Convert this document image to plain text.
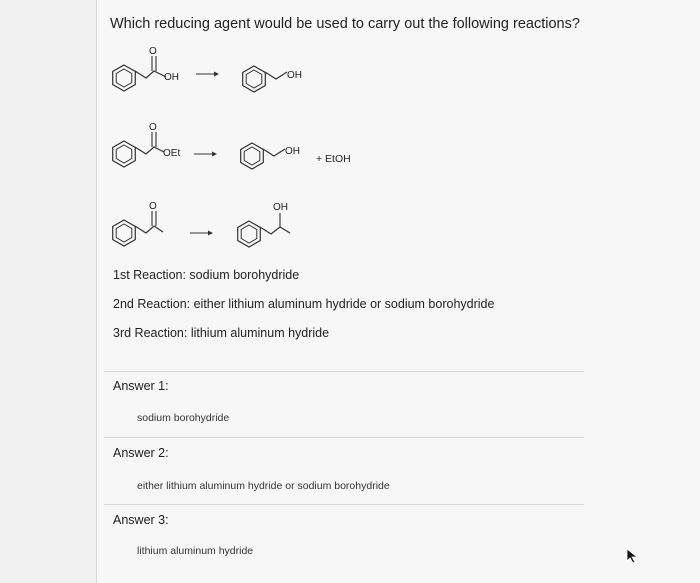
Which reducing agent would be used to carry out the following reactions?
O
OH	OH
O
OEt	OH
+ EtOH
O	OH
1st Reaction: sodium borohydride
2nd Reaction: either lithium aluminum hydride or sodium borohydride
3rd Reaction: lithium aluminum hydride
Answer 1:
sodium borohydride
Answer 2:
either lithium aluminum hydride or sodium borohydride
Answer 3:
lithium aluminum hydride
